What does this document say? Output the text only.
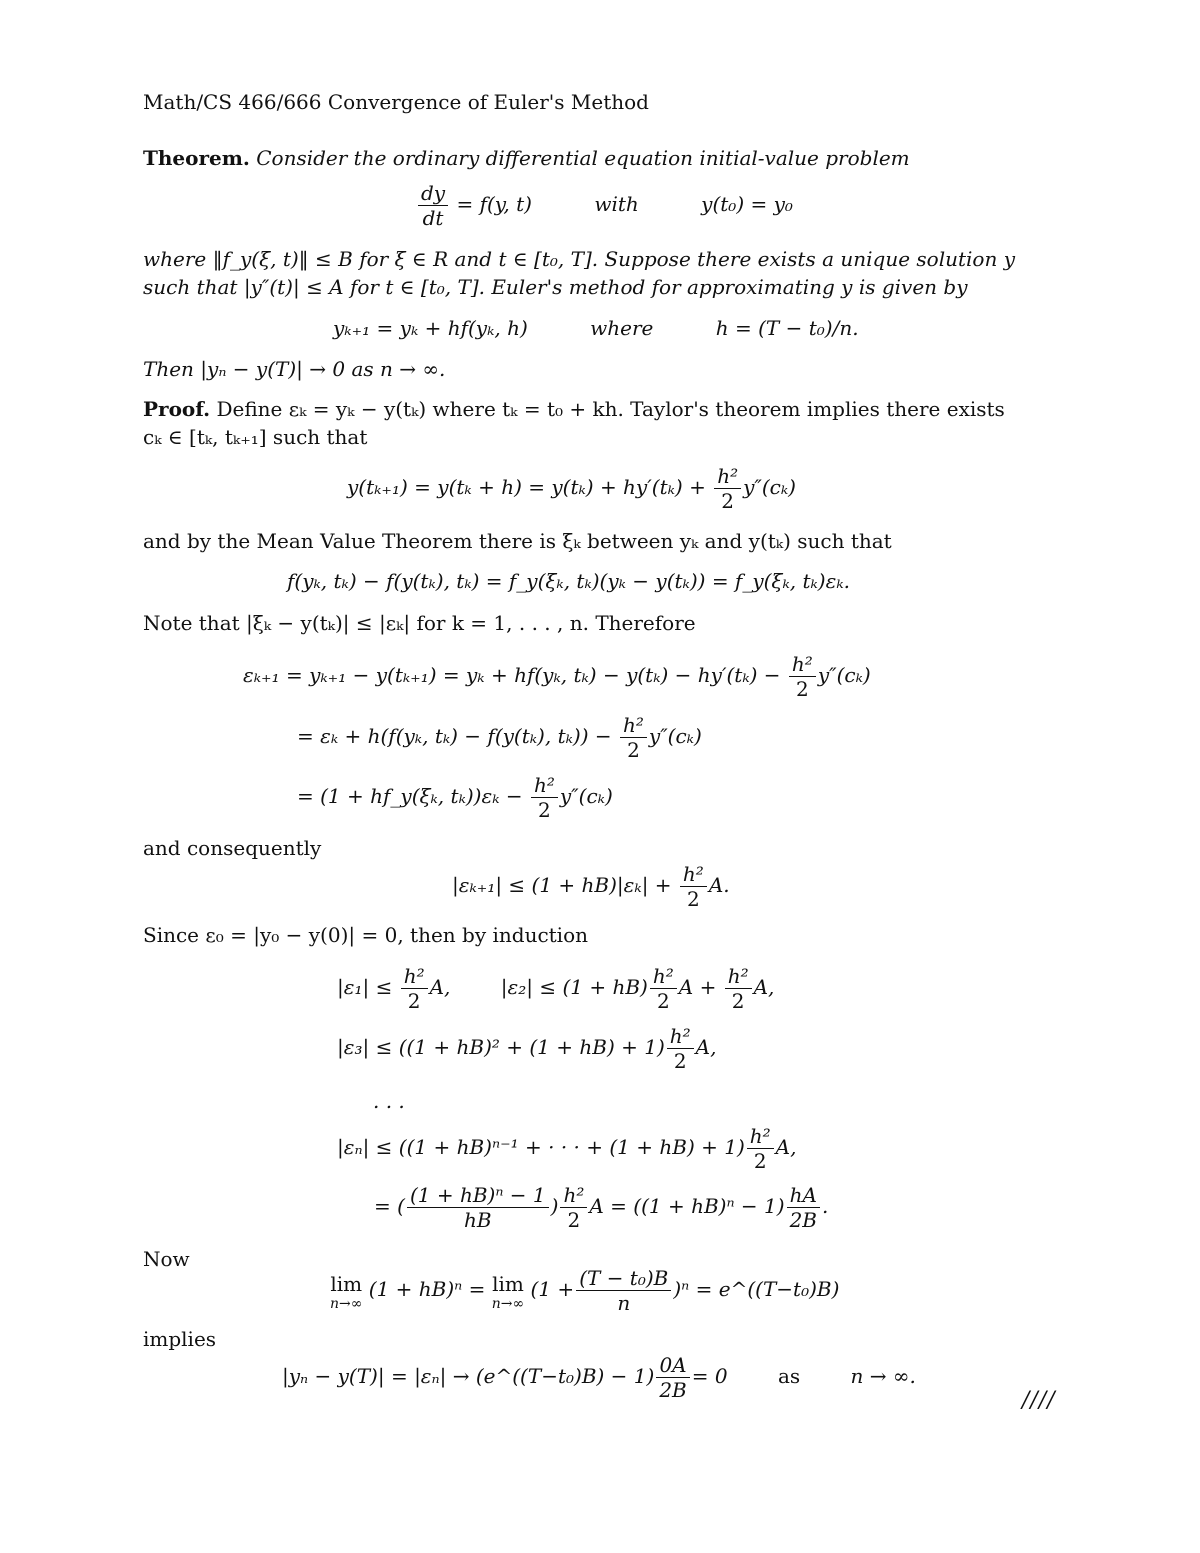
Math/CS 466/666 Convergence of Euler's Method
Theorem. Consider the ordinary differential equation initial-value problem
$\frac{dy}{dt} = f(y$, t)	with	y(t₀) = y₀
where ‖f_y(ξ, t)‖ ≤ B for ξ ∈ R and t ∈ [t₀, T]. Suppose there exists a unique solution y
such that |y″(t)| ≤ A for t ∈ [t₀, T]. Euler's method for approximating y is given by
yₖ₊₁ = yₖ + hf(yₖ, h)	where	h = (T − t₀)/n.
Then |yₙ − y(T)| → 0 as n → ∞.
Proof. Define εₖ = yₖ − y(tₖ) where tₖ = t₀ + kh. Taylor's theorem implies there exists
cₖ ∈ [tₖ, tₖ₊₁] such that
$y(t_{k+1}) = y(t_k + h) = y(t_k) + hy'(t_k) + \frac{\text{h²}}{2} y''(c_k)$
and by the Mean Value Theorem there is ξₖ between yₖ and y(tₖ) such that
f(yₖ, tₖ) − f(y(tₖ), tₖ) = f_y(ξₖ, tₖ)(yₖ − y(tₖ)) = f_y(ξₖ, tₖ)εₖ.
Note that |ξₖ − y(tₖ)| ≤ |εₖ| for k = 1, . . . , n. Therefore
εₖ₊₁ = yₖ₊₁ − y(tₖ₊₁) = yₖ + hf(yₖ, $t_k) - y(t_k) - hy'(t_k) - \frac{\text{h²}}{2} y''(c_k)$
= εₖ + h(f(yₖ, tₖ) − f(y(tₖ), $t_k)) - \frac{\text{h²}}{2} y''(c_k)$
= (1 + hf_y(ξₖ, $t_k))\varepsilon_k - \frac{\text{h²}}{2} y''(c_k)$
and consequently
$|\varepsilon_{k+1}| \le (1 + hB)|\varepsilon_k| + \frac{\text{h²}}{2} A$.
Since ε₀ = |y₀ − y(0)| = 0, then by induction
$|\varepsilon_1| \le \frac{\text{h²}}{2} A$,	$|\varepsilon_2| \le (1 + hB) \frac{\text{h²}}{2}$ $A + \frac{\text{h²}}{2} A$,
$|\varepsilon_3| \le ((1 + hB)^2 + (1 + hB) + 1) \frac{\text{h²}}{2} A$,
. . .
|εₙ| ≤ ((1 + hB)ⁿ⁻¹ + · · · + $(1 + hB) + 1) \frac{\text{h²}}{2} A$,
= ( $\frac{\text{(1 + hB)ⁿ − 1}}{hB}$ ) $\frac{\text{h²}}{2}$ $A = ((1 + hB)^n - 1) \frac{hA}{2B}$ .
Now
lim
n→∞
(1 + hB)ⁿ = lim
n→∞
$(1 + \frac{\text{(T − t₀)B}}{n} )^n$ = e^((T−t₀)B)
implies
|yₙ − y(T)| = |εₙ| → (e^((T−t₀)B) − $1) \frac{0A}{2B} = 0$	as	n → ∞.
////
